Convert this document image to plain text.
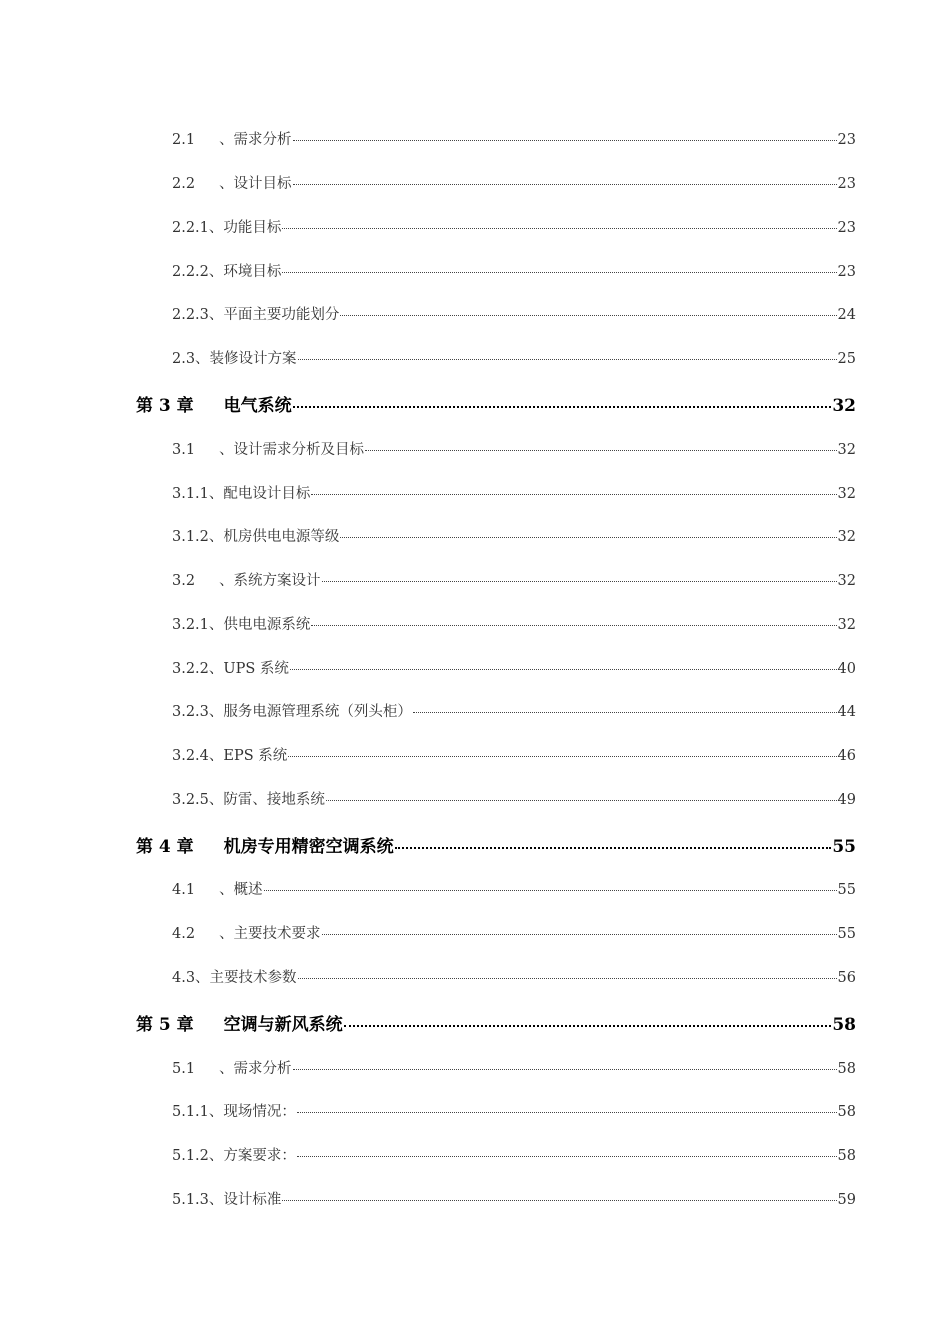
2.1 、需求分析	23
2.2 、设计目标	23
2.2.1、功能目标	23
2.2.2、环境目标	23
2.2.3、平面主要功能划分	24
2.3、装修设计方案	25
第 3 章 电气系统	32
3.1 、设计需求分析及目标	32
3.1.1、配电设计目标	32
3.1.2、机房供电电源等级	32
3.2 、系统方案设计	32
3.2.1、供电电源系统	32
3.2.2、UPS 系统	40
3.2.3、服务电源管理系统（列头柜）	44
3.2.4、EPS 系统	46
3.2.5、防雷、接地系统	49
第 4 章 机房专用精密空调系统	55
4.1 、概述	55
4.2 、主要技术要求	55
4.3、主要技术参数	56
第 5 章 空调与新风系统	58
5.1 、需求分析	58
5.1.1、现场情况：	58
5.1.2、方案要求：	58
5.1.3、设计标准	59
